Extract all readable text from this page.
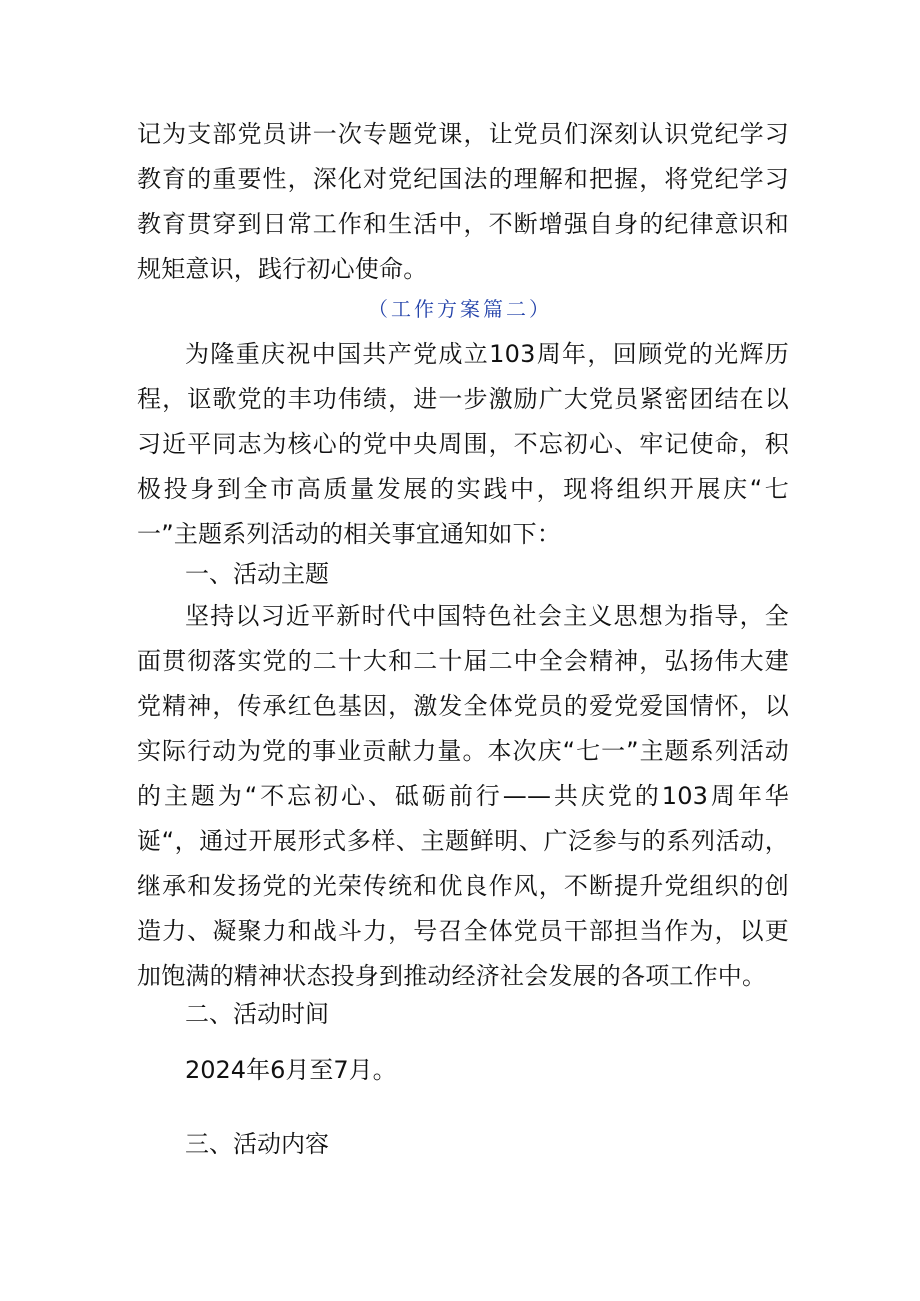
记为支部党员讲一次专题党课，让党员们深刻认识党纪学习教育的重要性，深化对党纪国法的理解和把握，将党纪学习教育贯穿到日常工作和生活中，不断增强自身的纪律意识和规矩意识，践行初心使命。

（工作方案篇二）

为隆重庆祝中国共产党成立103周年，回顾党的光辉历程，讴歌党的丰功伟绩，进一步激励广大党员紧密团结在以习近平同志为核心的党中央周围，不忘初心、牢记使命，积极投身到全市高质量发展的实践中，现将组织开展庆“七一”主题系列活动的相关事宜通知如下：

一、活动主题

坚持以习近平新时代中国特色社会主义思想为指导，全面贯彻落实党的二十大和二十届二中全会精神，弘扬伟大建党精神，传承红色基因，激发全体党员的爱党爱国情怀，以实际行动为党的事业贡献力量。本次庆“七一”主题系列活动的主题为“不忘初心、砥砺前行——共庆党的103周年华诞“，通过开展形式多样、主题鲜明、广泛参与的系列活动，继承和发扬党的光荣传统和优良作风，不断提升党组织的创造力、凝聚力和战斗力，号召全体党员干部担当作为，以更加饱满的精神状态投身到推动经济社会发展的各项工作中。

二、活动时间

2024年6月至7月。

三、活动内容
